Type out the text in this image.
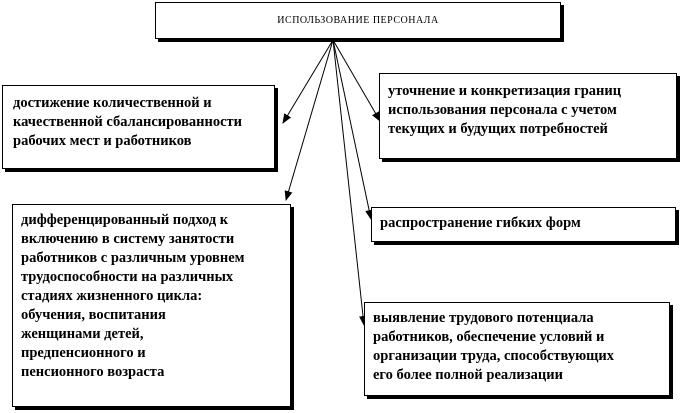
ИСПОЛЬЗОВАНИЕ ПЕРСОНАЛА
достижение количественной и
качественной сбалансированности
рабочих мест и работников
уточнение и конкретизация границ
использования персонала с учетом
текущих и будущих потребностей
дифференцированный подход к
включению в систему занятости
работников с различным уровнем
трудоспособности на различных
стадиях жизненного цикла:
обучения, воспитания
женщинами детей,
предпенсионного и
пенсионного возраста
распространение гибких форм
выявление трудового потенциала
работников, обеспечение условий и
организации труда, способствующих
его более полной реализации
